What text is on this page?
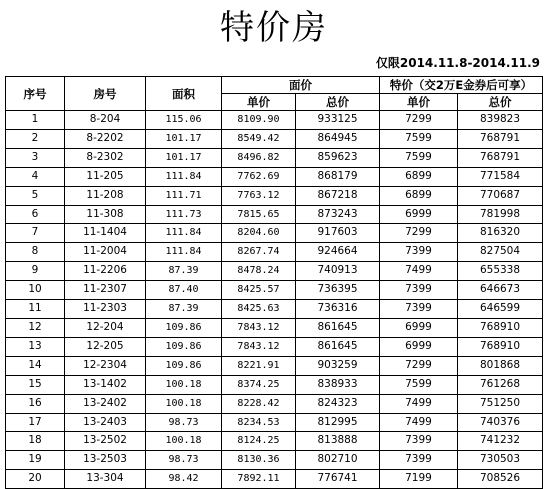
特价房
仅限2014.11.8-2014.11.9
序号	房号	面积	面价		特价（交2万E金券后可享）	
			单价	总价	单价	总价
1	8-204	115.06	8109.90	933125	7299	839823
2	8-2202	101.17	8549.42	864945	7599	768791
3	8-2302	101.17	8496.82	859623	7599	768791
4	11-205	111.84	7762.69	868179	6899	771584
5	11-208	111.71	7763.12	867218	6899	770687
6	11-308	111.73	7815.65	873243	6999	781998
7	11-1404	111.84	8204.60	917603	7299	816320
8	11-2004	111.84	8267.74	924664	7399	827504
9	11-2206	87.39	8478.24	740913	7499	655338
10	11-2307	87.40	8425.57	736395	7399	646673
11	11-2303	87.39	8425.63	736316	7399	646599
12	12-204	109.86	7843.12	861645	6999	768910
13	12-205	109.86	7843.12	861645	6999	768910
14	12-2304	109.86	8221.91	903259	7299	801868
15	13-1402	100.18	8374.25	838933	7599	761268
16	13-2402	100.18	8228.42	824323	7499	751250
17	13-2403	98.73	8234.53	812995	7499	740376
18	13-2502	100.18	8124.25	813888	7399	741232
19	13-2503	98.73	8130.36	802710	7399	730503
20	13-304	98.42	7892.11	776741	7199	708526
